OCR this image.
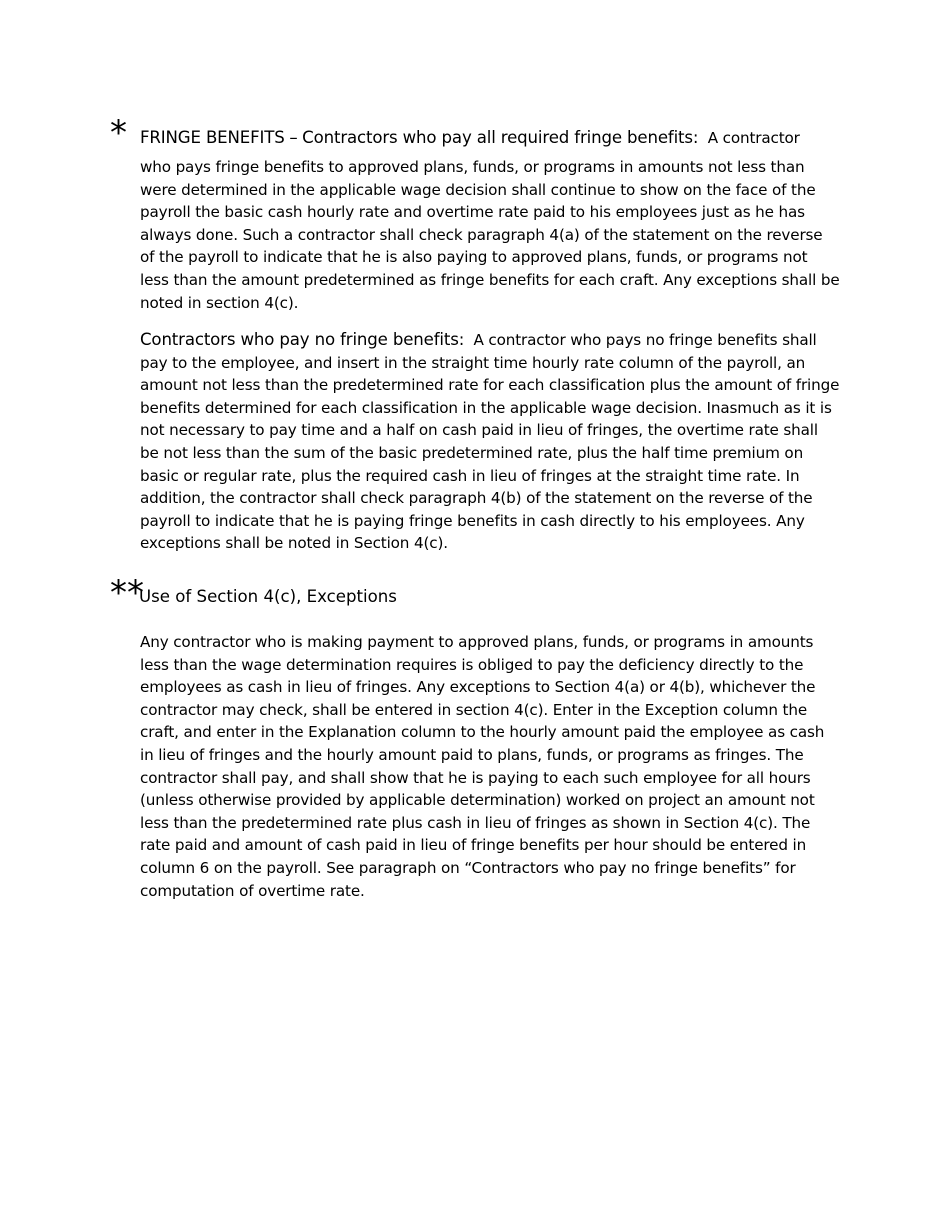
* FRINGE BENEFITS – Contractors who pay all required fringe benefits: A contractor
who pays fringe benefits to approved plans, funds, or programs in amounts not less than were determined in the applicable wage decision shall continue to show on the face of the payroll the basic cash hourly rate and overtime rate paid to his employees just as he has always done. Such a contractor shall check paragraph 4(a) of the statement on the reverse of the payroll to indicate that he is also paying to approved plans, funds, or programs not less than the amount predetermined as fringe benefits for each craft. Any exceptions shall be noted in section 4(c).
Contractors who pay no fringe benefits: A contractor who pays no fringe benefits shall pay to the employee, and insert in the straight time hourly rate column of the payroll, an amount not less than the predetermined rate for each classification plus the amount of fringe benefits determined for each classification in the applicable wage decision. Inasmuch as it is not necessary to pay time and a half on cash paid in lieu of fringes, the overtime rate shall be not less than the sum of the basic predetermined rate, plus the half time premium on basic or regular rate, plus the required cash in lieu of fringes at the straight time rate. In addition, the contractor shall check paragraph 4(b) of the statement on the reverse of the payroll to indicate that he is paying fringe benefits in cash directly to his employees. Any exceptions shall be noted in Section 4(c).
**
Use of Section 4(c), Exceptions
Any contractor who is making payment to approved plans, funds, or programs in amounts less than the wage determination requires is obliged to pay the deficiency directly to the employees as cash in lieu of fringes. Any exceptions to Section 4(a) or 4(b), whichever the contractor may check, shall be entered in section 4(c). Enter in the Exception column the craft, and enter in the Explanation column to the hourly amount paid the employee as cash in lieu of fringes and the hourly amount paid to plans, funds, or programs as fringes. The contractor shall pay, and shall show that he is paying to each such employee for all hours (unless otherwise provided by applicable determination) worked on project an amount not less than the predetermined rate plus cash in lieu of fringes as shown in Section 4(c). The rate paid and amount of cash paid in lieu of fringe benefits per hour should be entered in column 6 on the payroll. See paragraph on “Contractors who pay no fringe benefits” for computation of overtime rate.
